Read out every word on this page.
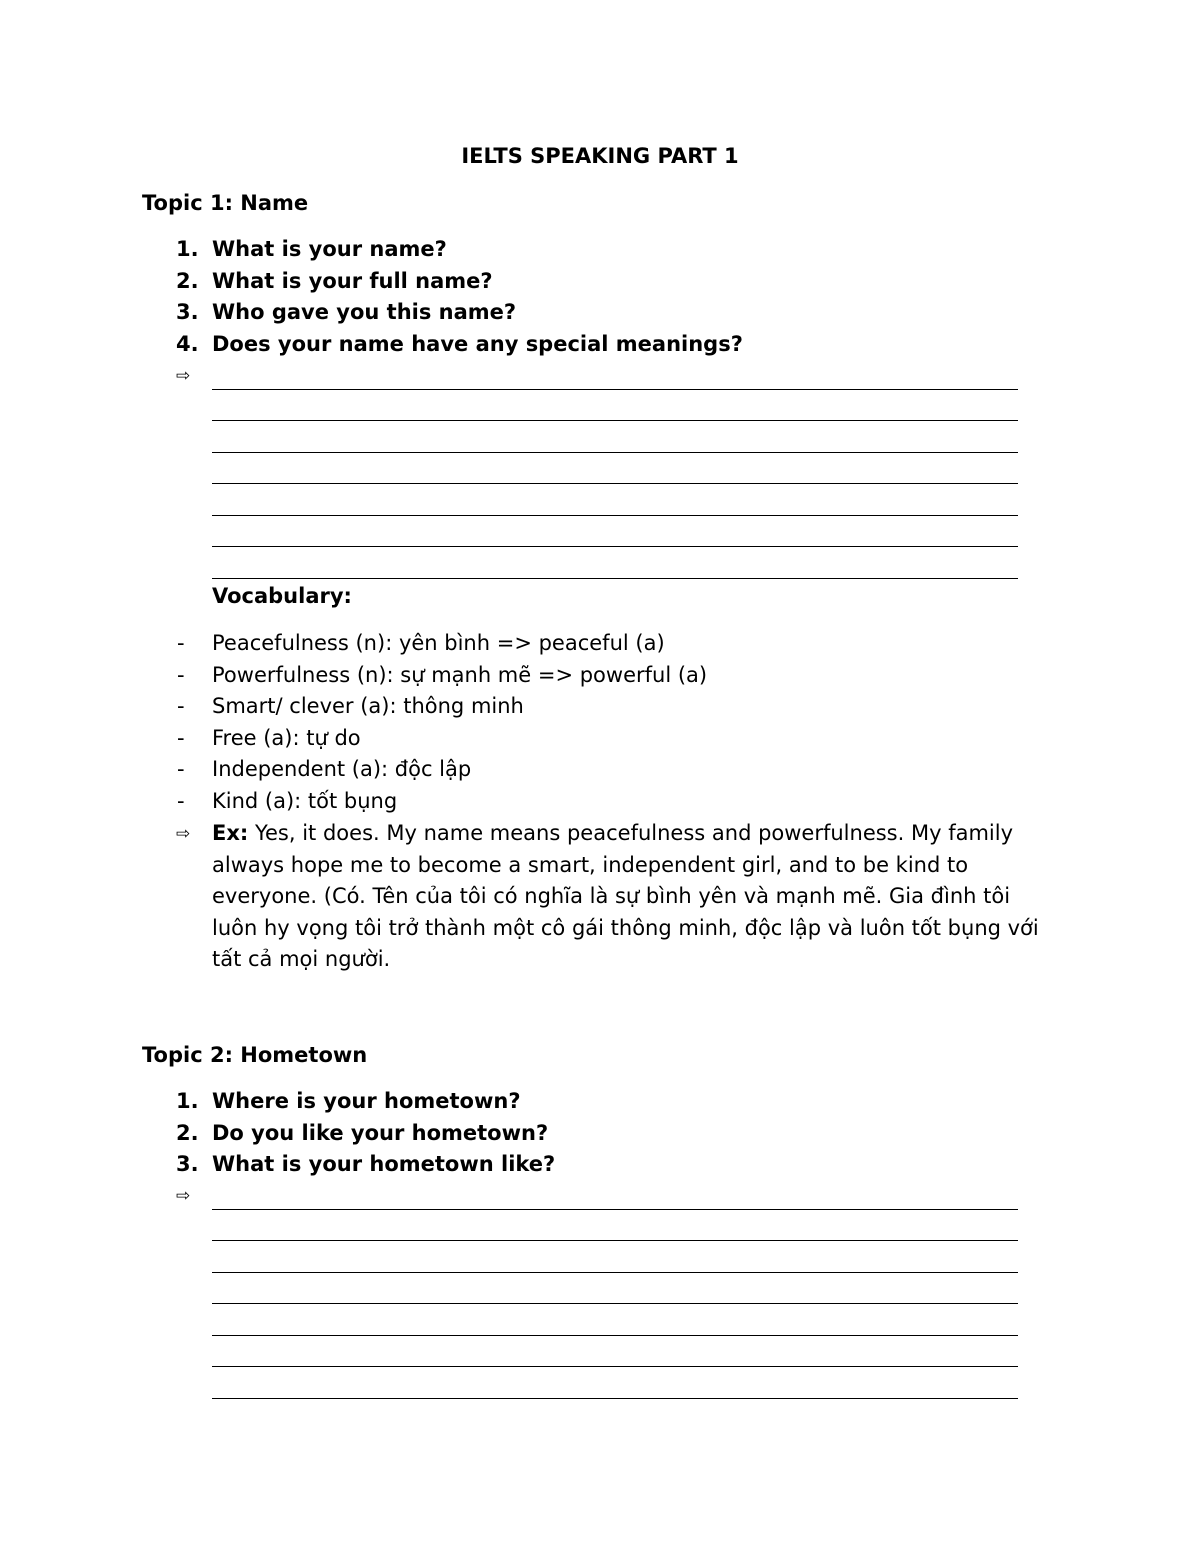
IELTS SPEAKING PART 1
Topic 1: Name
1. What is your name?
2. What is your full name?
3. Who gave you this name?
4. Does your name have any special meanings?
⇨
Vocabulary:
- Peacefulness (n): yên bình => peaceful (a)
- Powerfulness (n): sự mạnh mẽ => powerful (a)
- Smart/ clever (a): thông minh
- Free (a): tự do
- Independent (a): độc lập
- Kind (a): tốt bụng
⇨ Ex: Yes, it does. My name means peacefulness and powerfulness. My family always hope me to become a smart, independent girl, and to be kind to everyone. (Có. Tên của tôi có nghĩa là sự bình yên và mạnh mẽ. Gia đình tôi luôn hy vọng tôi trở thành một cô gái thông minh, độc lập và luôn tốt bụng với tất cả mọi người.
Topic 2: Hometown
1. Where is your hometown?
2. Do you like your hometown?
3. What is your hometown like?
⇨
